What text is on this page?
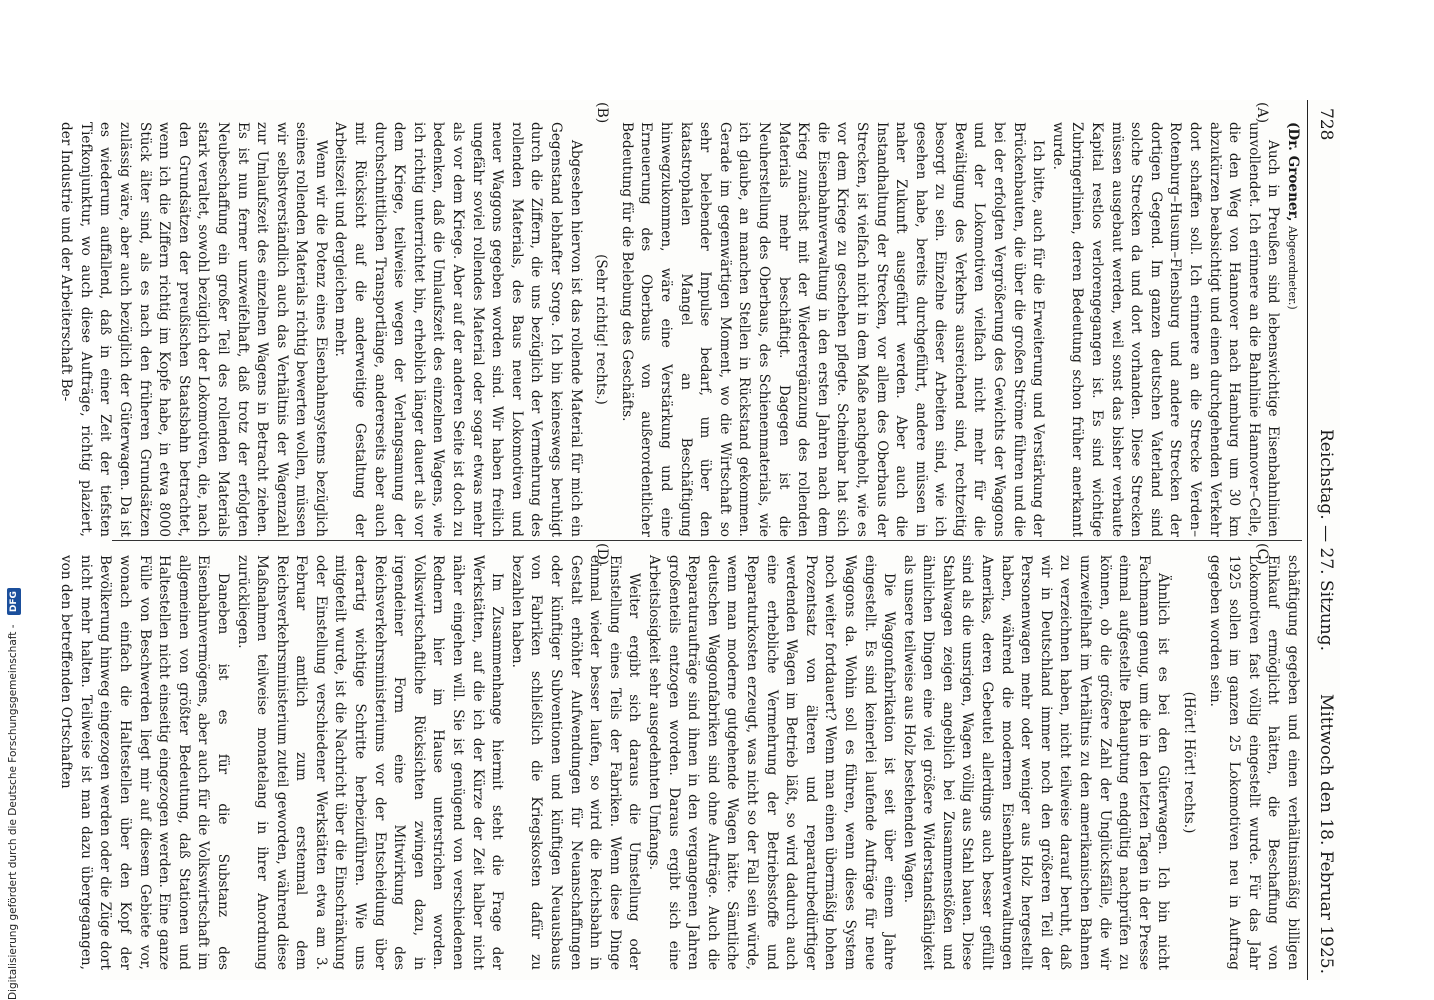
728
Reichstag. — 27. Sitzung.
Mittwoch den 18. Februar 1925.

(Dr. Groener, Abgeordneter.)

Auch in Preußen sind lebenswichtige Eisenbahnlinien unvollendet. Ich erinnere an die Bahnlinie Hannover–Celle, die den Weg von Hannover nach Hamburg um 30 km abzukürzen beabsichtigt und einen durchgehenden Verkehr dort schaffen soll. Ich erinnere an die Strecke Verden–Rotenburg–Husum–Flensburg und andere Strecken der dortigen Gegend. Im ganzen deutschen Vaterland sind solche Strecken da und dort vorhanden. Diese Strecken müssen ausgebaut werden, weil sonst das bisher verbaute Kapital restlos verlorengegangen ist. Es sind wichtige Zubringerlinien, deren Bedeutung schon früher anerkannt wurde.

Ich bitte, auch für die Erweiterung und Verstärkung der Brückenbauten, die über die großen Ströme führen und die bei der erfolgten Vergrößerung des Gewichts der Waggons und der Lokomotiven vielfach nicht mehr für die Bewältigung des Verkehrs ausreichend sind, rechtzeitig besorgt zu sein. Einzelne dieser Arbeiten sind, wie ich gesehen habe, bereits durchgeführt, andere müssen in naher Zukunft ausgeführt werden. Aber auch die Instandhaltung der Strecken, vor allem des Oberbaus der Strecken, ist vielfach nicht in dem Maße nachgeholt, wie es vor dem Kriege zu geschehen pflegte. Scheinbar hat sich die Eisenbahnverwaltung in den ersten Jahren nach dem Krieg zunächst mit der Wiederergänzung des rollenden Materials mehr beschäftigt. Dagegen ist die Neuherstellung des Oberbaus, des Schienenmaterials, wie ich glaube, an manchen Stellen in Rückstand gekommen. Gerade im gegenwärtigen Moment, wo die Wirtschaft so sehr belebender Impulse bedarf, um über den katastrophalen Mangel an Beschäftigung hinwegzukommen, wäre eine Verstärkung und eine Erneuerung des Oberbaus von außerordentlicher Bedeutung für die Belebung des Geschäfts.

(Sehr richtig! rechts.)

Abgesehen hiervon ist das rollende Material für mich ein Gegenstand lebhafter Sorge. Ich bin keineswegs beruhigt durch die Ziffern, die uns bezüglich der Vermehrung des rollenden Materials, des Baus neuer Lokomotiven und neuer Waggons gegeben worden sind. Wir haben freilich ungefähr soviel rollendes Material oder sogar etwas mehr als vor dem Kriege. Aber auf der anderen Seite ist doch zu bedenken, daß die Umlaufszeit des einzelnen Wagens, wie ich richtig unterrichtet bin, erheblich länger dauert als vor dem Kriege, teilweise wegen der Verlangsamung der durchschnittlichen Transportlänge, andererseits aber auch mit Rücksicht auf die anderweitige Gestaltung der Arbeitszeit und dergleichen mehr.

Wenn wir die Potenz eines Eisenbahnsystems bezüglich seines rollenden Materials richtig bewerten wollen, müssen wir selbstverständlich auch das Verhältnis der Wagenzahl zur Umlaufszeit des einzelnen Wagens in Betracht ziehen. Es ist nun ferner unzweifelhaft, daß trotz der erfolgten Neubeschaffung ein großer Teil des rollenden Materials stark veraltet, sowohl bezüglich der Lokomotiven, die, nach den Grundsätzen der preußischen Staatsbahn betrachtet, wenn ich die Ziffern richtig im Kopfe habe, in etwa 8000 Stück älter sind, als es nach den früheren Grundsätzen zulässig wäre, aber auch bezüglich der Güterwagen. Da ist es wiederum auffallend, daß in einer Zeit der tiefsten Tiefkonjunktur, wo auch diese Aufträge, richtig plaziert, der Industrie und der Arbeiterschaft Be-

schäftigung gegeben und einen verhältnismäßig billigen Einkauf ermöglicht hätten, die Beschaffung von Lokomotiven fast völlig eingestellt wurde. Für das Jahr 1925 sollen im ganzen 25 Lokomotiven neu in Auftrag gegeben worden sein.

(Hört! Hört! rechts.)

Ähnlich ist es bei den Güterwagen. Ich bin nicht Fachmann genug, um die in den letzten Tagen in der Presse einmal aufgestellte Behauptung endgültig nachprüfen zu können, ob die größere Zahl der Unglücksfälle, die wir unzweifelhaft im Verhältnis zu den amerikanischen Bahnen zu verzeichnen haben, nicht teilweise darauf beruht, daß wir in Deutschland immer noch den größeren Teil der Personenwagen mehr oder weniger aus Holz hergestellt haben, während die modernen Eisenbahnverwaltungen Amerikas, deren Gebeutel allerdings auch besser gefüllt sind als die unsrigen, Wagen völlig aus Stahl bauen. Diese Stahlwagen zeigen angeblich bei Zusammenstößen und ähnlichen Dingen eine viel größere Widerstandsfähigkeit als unsere teilweise aus Holz bestehenden Wagen.

Die Waggonfabrikation ist seit über einem Jahre eingestellt. Es sind keinerlei laufende Aufträge für neue Waggons da. Wohin soll es führen, wenn dieses System noch weiter fortdauert? Wenn man einen übermäßig hohen Prozentsatz von älteren und reparaturbedürftiger werdenden Wagen im Betrieb läßt, so wird dadurch auch eine erhebliche Vermehrung der Betriebsstoffe und Reparaturkosten erzeugt, was nicht so der Fall sein würde, wenn man moderne gutgehende Wagen hätte. Sämtliche deutschen Waggonfabriken sind ohne Aufträge. Auch die Reparaturaufträge sind ihnen in den vergangenen Jahren großenteils entzogen worden. Daraus ergibt sich eine Arbeitslosigkeit sehr ausgedehnten Umfangs.

Weiter ergibt sich daraus die Umstellung oder Einstellung eines Teils der Fabriken. Wenn diese Dinge einmal wieder besser laufen, so wird die Reichsbahn in Gestalt erhöhter Aufwendungen für Neuanschaffungen oder künftiger Subventionen und künftigen Neuausbaus von Fabriken schließlich die Kriegskosten dafür zu bezahlen haben.

Im Zusammenhange hiermit steht die Frage der Werkstätten, auf die ich der Kürze der Zeit halber nicht näher eingehen will. Sie ist genügend von verschiedenen Rednern hier im Hause unterstrichen worden. Volkswirtschaftliche Rücksichten zwingen dazu, in irgendeiner Form eine Mitwirkung des Reichsverkehrsministeriums vor der Entscheidung über derartig wichtige Schritte herbeizuführen. Wie uns mitgeteilt wurde, ist die Nachricht über die Einschränkung oder Einstellung verschiedener Werkstätten etwa am 3. Februar amtlich zum erstenmal dem Reichsverkehrsministerium zuteil geworden, während diese Maßnahmen teilweise monatelang in ihrer Anordnung zurückliegen.

Daneben ist es für die Substanz des Eisenbahnvermögens, aber auch für die Volkswirtschaft im allgemeinen von größter Bedeutung, daß Stationen und Haltestellen nicht einseitig eingezogen werden. Eine ganze Fülle von Beschwerden liegt mir auf diesem Gebiete vor, wonach einfach die Haltestellen über den Kopf der Bevölkerung hinweg eingezogen werden oder die Züge dort nicht mehr halten. Teilweise ist man dazu übergegangen, von den betreffenden Ortschaften

(A)
(B)
(C)
(D)
Digitalisierung gefördert durch die Deutsche Forschungsgemeinschaft - DFG
